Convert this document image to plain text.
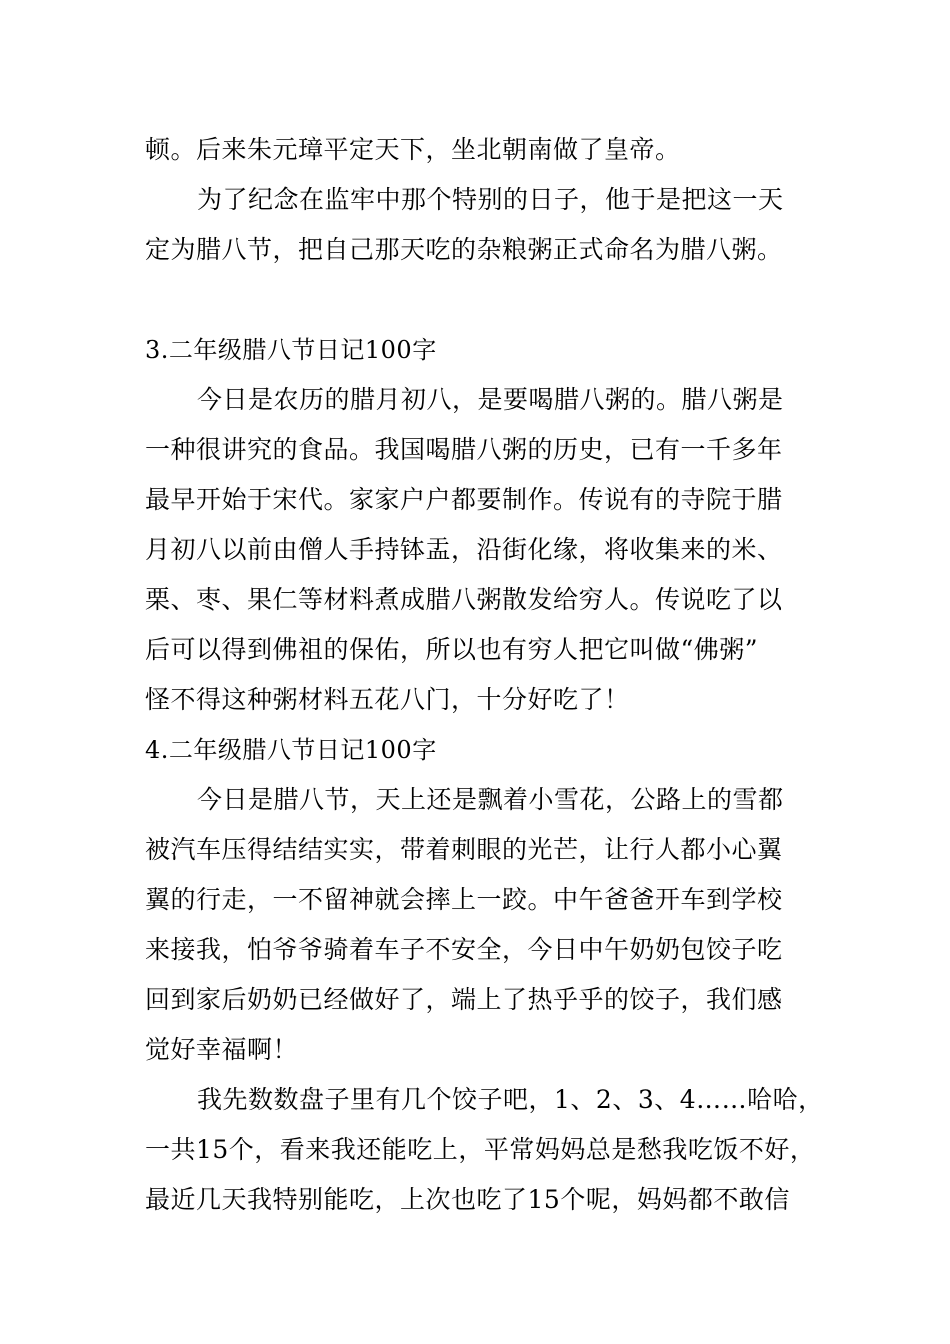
顿。后来朱元璋平定天下，坐北朝南做了皇帝。
为了纪念在监牢中那个特别的日子，他于是把这一天
定为腊八节，把自己那天吃的杂粮粥正式命名为腊八粥。
3.二年级腊八节日记100字
今日是农历的腊月初八，是要喝腊八粥的。腊八粥是
一种很讲究的食品。我国喝腊八粥的历史，已有一千多年
最早开始于宋代。家家户户都要制作。传说有的寺院于腊
月初八以前由僧人手持钵盂，沿街化缘，将收集来的米、
栗、枣、果仁等材料煮成腊八粥散发给穷人。传说吃了以
后可以得到佛祖的保佑，所以也有穷人把它叫做“佛粥”
怪不得这种粥材料五花八门，十分好吃了！
4.二年级腊八节日记100字
今日是腊八节，天上还是飘着小雪花，公路上的雪都
被汽车压得结结实实，带着刺眼的光芒，让行人都小心翼
翼的行走，一不留神就会摔上一跤。中午爸爸开车到学校
来接我，怕爷爷骑着车子不安全，今日中午奶奶包饺子吃
回到家后奶奶已经做好了，端上了热乎乎的饺子，我们感
觉好幸福啊！
我先数数盘子里有几个饺子吧，1、2、3、4……哈哈，
一共15个，看来我还能吃上，平常妈妈总是愁我吃饭不好，
最近几天我特别能吃，上次也吃了15个呢，妈妈都不敢信
